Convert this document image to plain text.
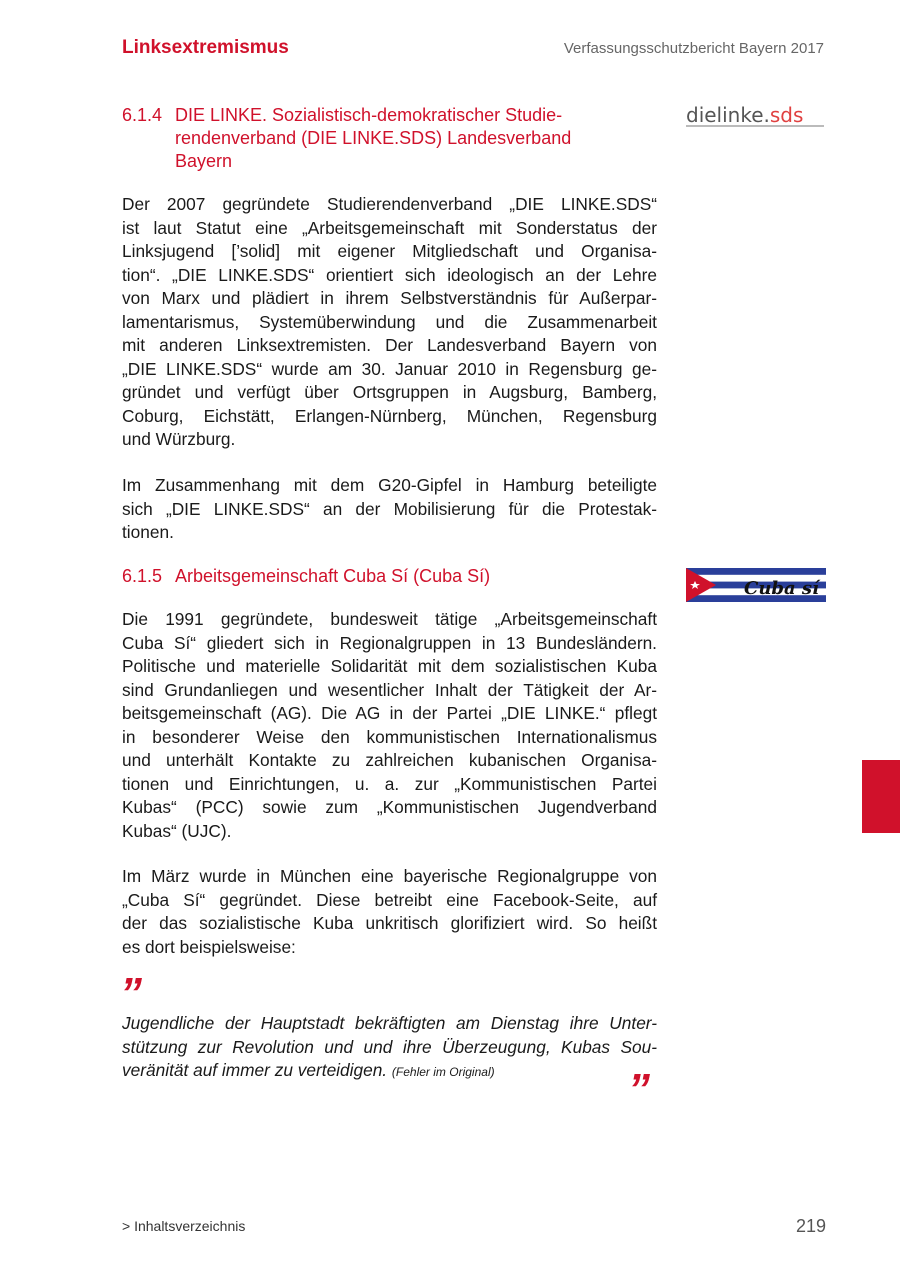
Linksextremismus	Verfassungsschutzbericht Bayern 2017
6.1.4 DIE LINKE. Sozialistisch-demokratischer Studie-
rendenverband (DIE LINKE.SDS) Landesverband
Bayern
dielinke.sds
Der 2007 gegründete Studierendenverband „DIE LINKE.SDS“
ist laut Statut eine „Arbeitsgemeinschaft mit Sonderstatus der
Linksjugend [’solid] mit eigener Mitgliedschaft und Organisa-
tion“. „DIE LINKE.SDS“ orientiert sich ideologisch an der Lehre
von Marx und plädiert in ihrem Selbstverständnis für Außerpar-
lamentarismus, Systemüberwindung und die Zusammenarbeit
mit anderen Linksextremisten. Der Landesverband Bayern von
„DIE LINKE.SDS“ wurde am 30. Januar 2010 in Regensburg ge-
gründet und verfügt über Ortsgruppen in Augsburg, Bamberg,
Coburg, Eichstätt, Erlangen-Nürnberg, München, Regensburg
und Würzburg.
Im Zusammenhang mit dem G20-Gipfel in Hamburg beteiligte
sich „DIE LINKE.SDS“ an der Mobilisierung für die Protestak-
tionen.
6.1.5 Arbeitsgemeinschaft Cuba Sí (Cuba Sí)
Cuba sí
Die 1991 gegründete, bundesweit tätige „Arbeitsgemeinschaft
Cuba Sí“ gliedert sich in Regionalgruppen in 13 Bundesländern.
Politische und materielle Solidarität mit dem sozialistischen Kuba
sind Grundanliegen und wesentlicher Inhalt der Tätigkeit der Ar-
beitsgemeinschaft (AG). Die AG in der Partei „DIE LINKE.“ pflegt
in besonderer Weise den kommunistischen Internationalismus
und unterhält Kontakte zu zahlreichen kubanischen Organisa-
tionen und Einrichtungen, u. a. zur „Kommunistischen Partei
Kubas“ (PCC) sowie zum „Kommunistischen Jugendverband
Kubas“ (UJC).
Im März wurde in München eine bayerische Regionalgruppe von
„Cuba Sí“ gegründet. Diese betreibt eine Facebook-Seite, auf
der das sozialistische Kuba unkritisch glorifiziert wird. So heißt
es dort beispielsweise:
”
Jugendliche der Hauptstadt bekräftigten am Dienstag ihre Unter-
stützung zur Revolution und und ihre Überzeugung, Kubas Sou-
veränität auf immer zu verteidigen. (Fehler im Original)	”
> Inhaltsverzeichnis	219
